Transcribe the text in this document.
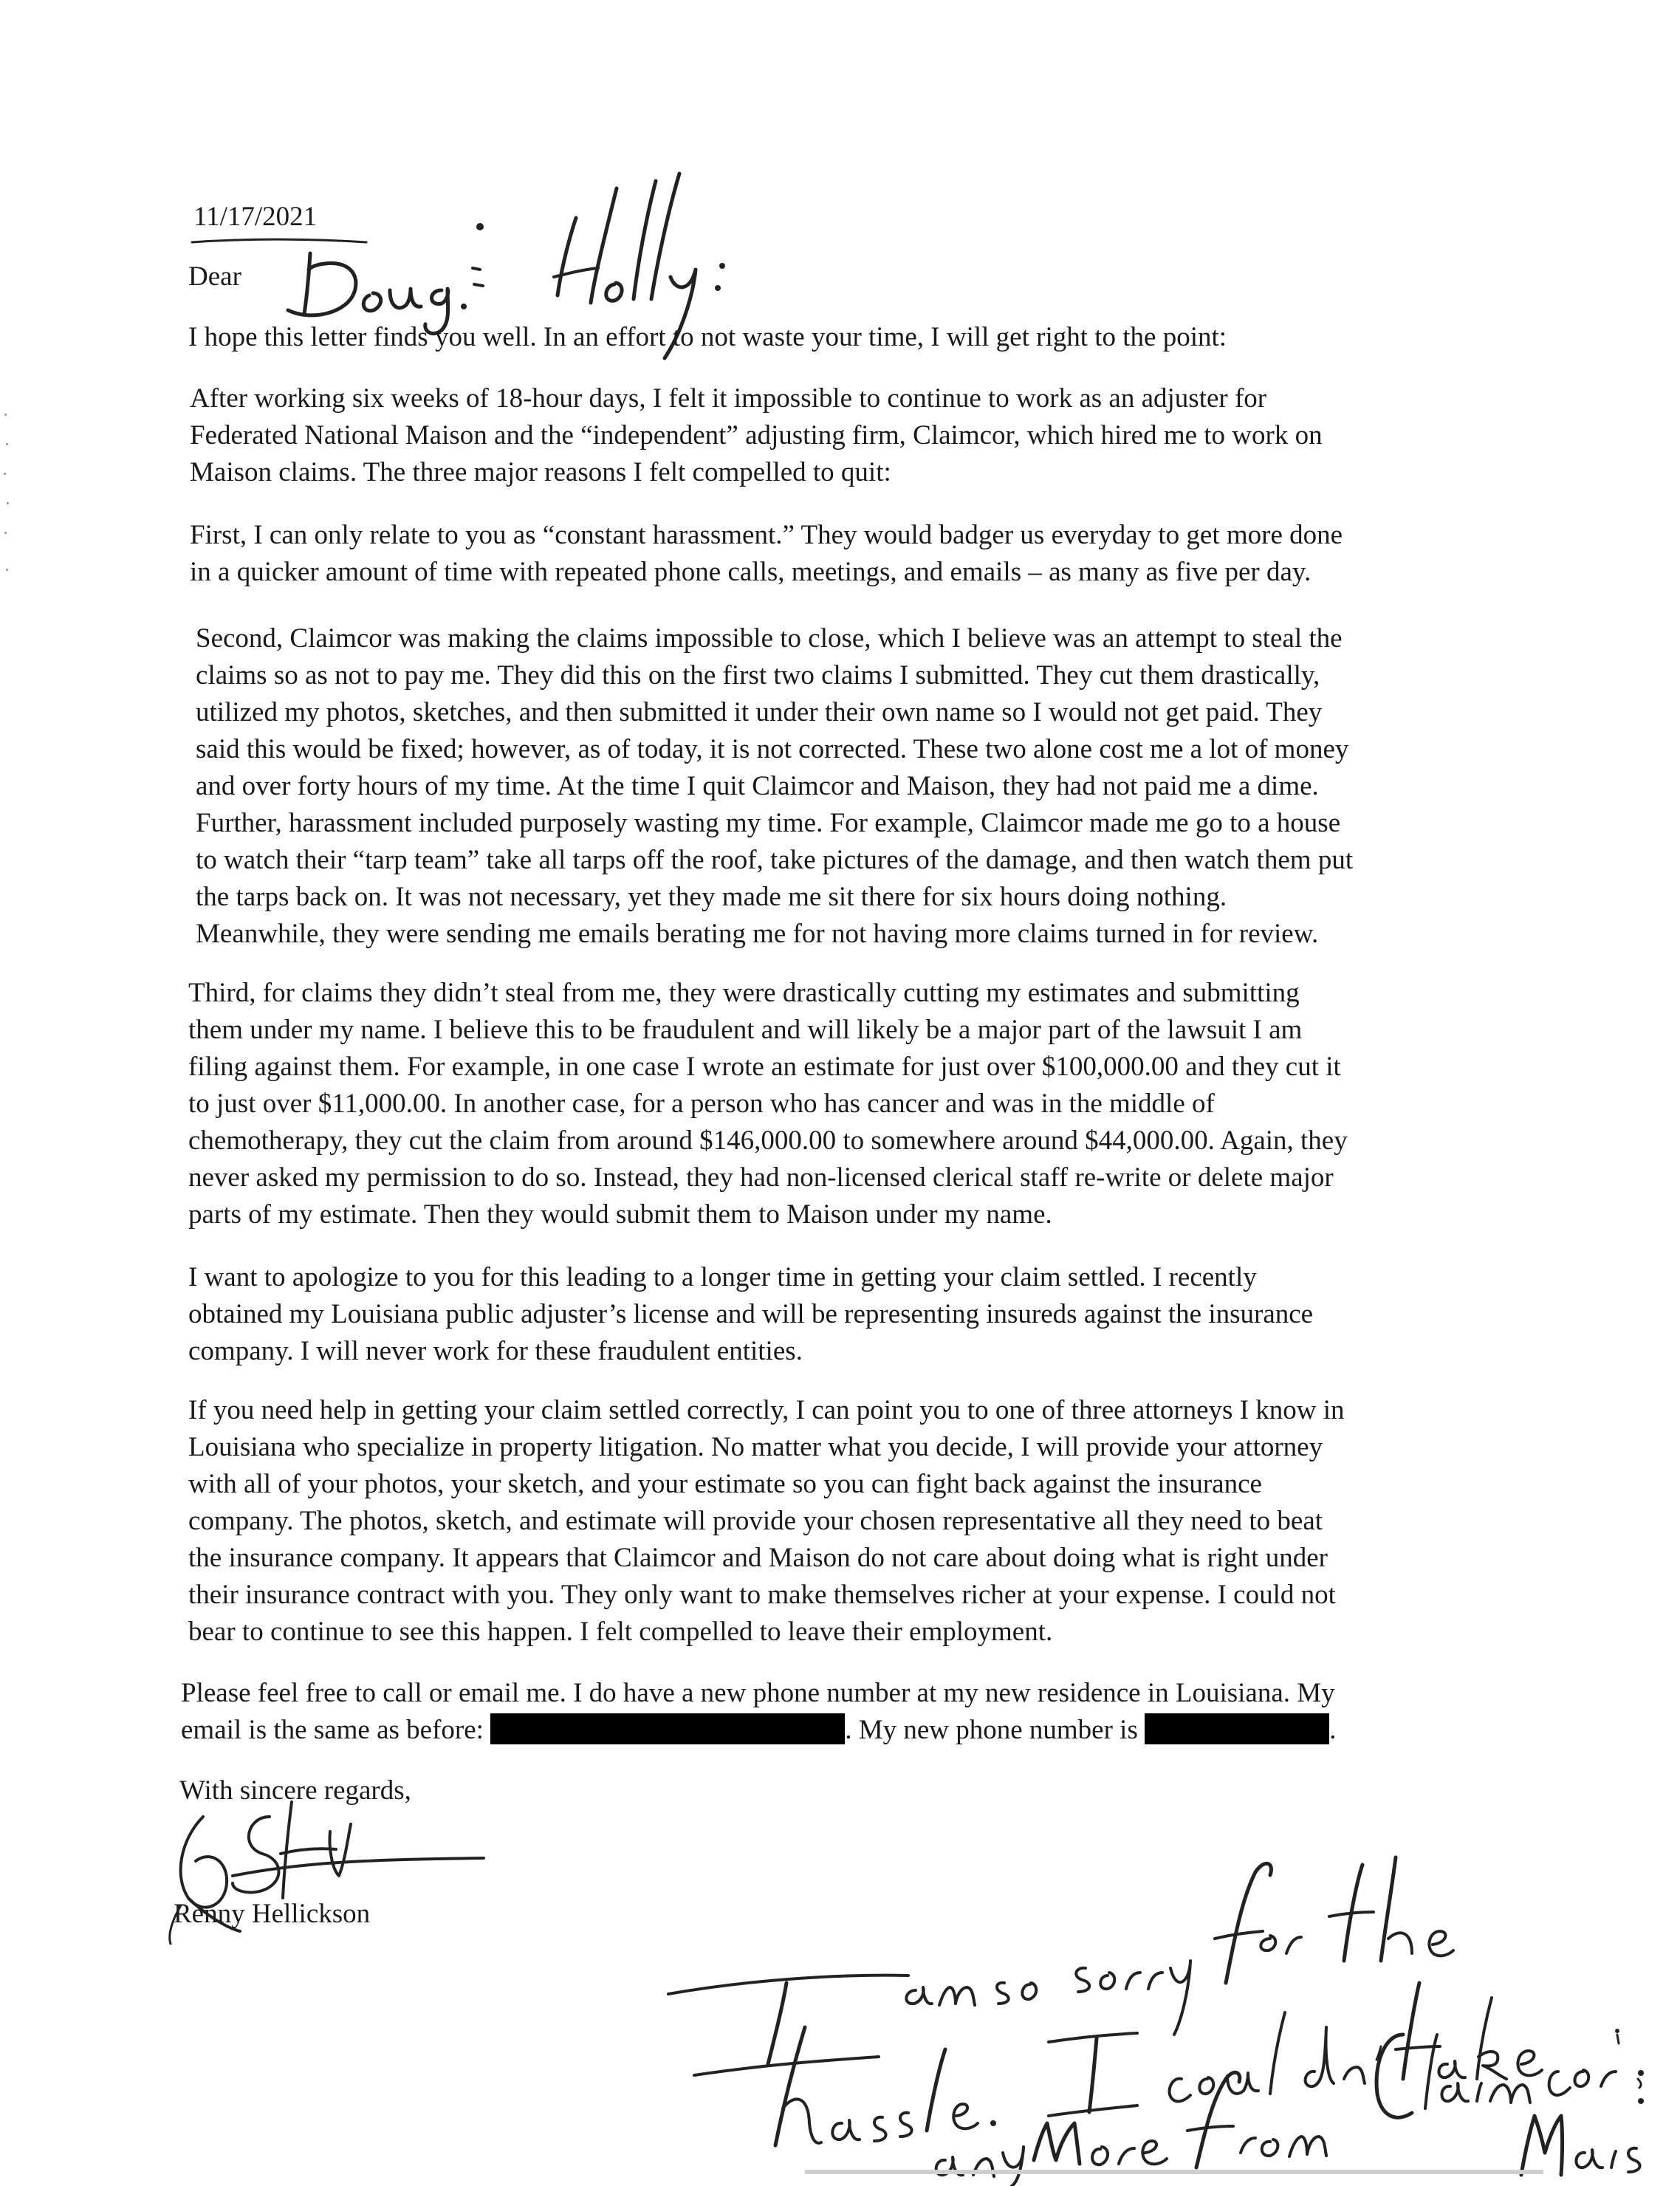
11/17/2021
Dear

I hope this letter finds you well. In an effort to not waste your time, I will get right to the point:

After working six weeks of 18-hour days, I felt it impossible to continue to work as an adjuster for
Federated National Maison and the “independent” adjusting firm, Claimcor, which hired me to work on
Maison claims. The three major reasons I felt compelled to quit:

First, I can only relate to you as “constant harassment.” They would badger us everyday to get more done
in a quicker amount of time with repeated phone calls, meetings, and emails – as many as five per day.

Second, Claimcor was making the claims impossible to close, which I believe was an attempt to steal the
claims so as not to pay me. They did this on the first two claims I submitted. They cut them drastically,
utilized my photos, sketches, and then submitted it under their own name so I would not get paid. They
said this would be fixed; however, as of today, it is not corrected. These two alone cost me a lot of money
and over forty hours of my time. At the time I quit Claimcor and Maison, they had not paid me a dime.
Further, harassment included purposely wasting my time. For example, Claimcor made me go to a house
to watch their “tarp team” take all tarps off the roof, take pictures of the damage, and then watch them put
the tarps back on. It was not necessary, yet they made me sit there for six hours doing nothing.
Meanwhile, they were sending me emails berating me for not having more claims turned in for review.

Third, for claims they didn’t steal from me, they were drastically cutting my estimates and submitting
them under my name. I believe this to be fraudulent and will likely be a major part of the lawsuit I am
filing against them. For example, in one case I wrote an estimate for just over $100,000.00 and they cut it
to just over $11,000.00. In another case, for a person who has cancer and was in the middle of
chemotherapy, they cut the claim from around $146,000.00 to somewhere around $44,000.00. Again, they
never asked my permission to do so. Instead, they had non-licensed clerical staff re-write or delete major
parts of my estimate. Then they would submit them to Maison under my name.

I want to apologize to you for this leading to a longer time in getting your claim settled. I recently
obtained my Louisiana public adjuster’s license and will be representing insureds against the insurance
company. I will never work for these fraudulent entities.

If you need help in getting your claim settled correctly, I can point you to one of three attorneys I know in
Louisiana who specialize in property litigation. No matter what you decide, I will provide your attorney
with all of your photos, your sketch, and your estimate so you can fight back against the insurance
company. The photos, sketch, and estimate will provide your chosen representative all they need to beat
the insurance company. It appears that Claimcor and Maison do not care about doing what is right under
their insurance contract with you. They only want to make themselves richer at your expense. I could not
bear to continue to see this happen. I felt compelled to leave their employment.

Please feel free to call or email me. I do have a new phone number at my new residence in Louisiana. My
email is the same as before:	. My new phone number is	.

With sincere regards,

Renny Hellickson
